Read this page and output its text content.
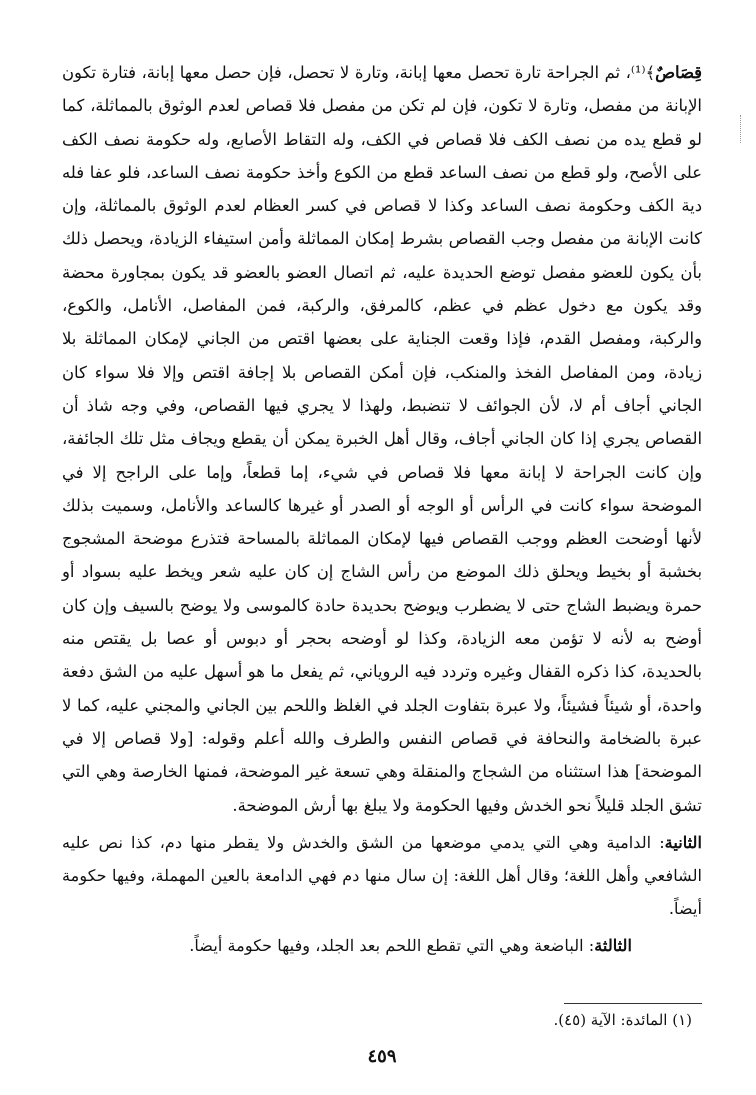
قِصَاصٌ﴾⁽¹⁾، ثم الجراحة تارة تحصل معها إبانة، وتارة لا تحصل، فإن حصل معها إبانة، فتارة تكون الإبانة من مفصل، وتارة لا تكون، فإن لم تكن من مفصل فلا قصاص لعدم الوثوق بالمماثلة، كما لو قطع يده من نصف الكف فلا قصاص في الكف، وله التقاط الأصابع، وله حكومة نصف الكف على الأصح، ولو قطع من نصف الساعد قطع من الكوع وأخذ حكومة نصف الساعد، فلو عفا فله دية الكف وحكومة نصف الساعد وكذا لا قصاص في كسر العظام لعدم الوثوق بالمماثلة، وإن كانت الإبانة من مفصل وجب القصاص بشرط إمكان المماثلة وأمن استيفاء الزيادة، ويحصل ذلك بأن يكون للعضو مفصل توضع الحديدة عليه، ثم اتصال العضو بالعضو قد يكون بمجاورة محضة وقد يكون مع دخول عظم في عظم، كالمرفق، والركبة، فمن المفاصل، الأنامل، والكوع، والركبة، ومفصل القدم، فإذا وقعت الجناية على بعضها اقتص من الجاني لإمكان المماثلة بلا زيادة، ومن المفاصل الفخذ والمنكب، فإن أمكن القصاص بلا إجافة اقتص وإلا فلا سواء كان الجاني أجاف أم لا، لأن الجوائف لا تنضبط، ولهذا لا يجري فيها القصاص، وفي وجه شاذ أن القصاص يجري إذا كان الجاني أجاف، وقال أهل الخبرة يمكن أن يقطع ويجاف مثل تلك الجائفة، وإن كانت الجراحة لا إبانة معها فلا قصاص في شيء، إما قطعاً، وإما على الراجح إلا في الموضحة سواء كانت في الرأس أو الوجه أو الصدر أو غيرها كالساعد والأنامل، وسميت بذلك لأنها أوضحت العظم ووجب القصاص فيها لإمكان المماثلة بالمساحة فتذرع موضحة المشجوج بخشبة أو بخيط ويحلق ذلك الموضع من رأس الشاج إن كان عليه شعر ويخط عليه بسواد أو حمرة ويضبط الشاج حتى لا يضطرب ويوضح بحديدة حادة كالموسى ولا يوضح بالسيف وإن كان أوضح به لأنه لا تؤمن معه الزيادة، وكذا لو أوضحه بحجر أو دبوس أو عصا بل يقتص منه بالحديدة، كذا ذكره القفال وغيره وتردد فيه الروياني، ثم يفعل ما هو أسهل عليه من الشق دفعة واحدة، أو شيئاً فشيئاً، ولا عبرة بتفاوت الجلد في الغلظ واللحم بين الجاني والمجني عليه، كما لا عبرة بالضخامة والنحافة في قصاص النفس والطرف والله أعلم وقوله: [ولا قصاص إلا في الموضحة] هذا استثناه من الشجاج والمنقلة وهي تسعة غير الموضحة، فمنها الخارصة وهي التي تشق الجلد قليلاً نحو الخدش وفيها الحكومة ولا يبلغ بها أرش الموضحة.

الثانية: الدامية وهي التي يدمي موضعها من الشق والخدش ولا يقطر منها دم، كذا نص عليه الشافعي وأهل اللغة؛ وقال أهل اللغة: إن سال منها دم فهي الدامعة بالعين المهملة، وفيها حكومة أيضاً.

الثالثة: الباضعة وهي التي تقطع اللحم بعد الجلد، وفيها حكومة أيضاً.

(١) المائدة: الآية (٤٥).

٤٥٩
